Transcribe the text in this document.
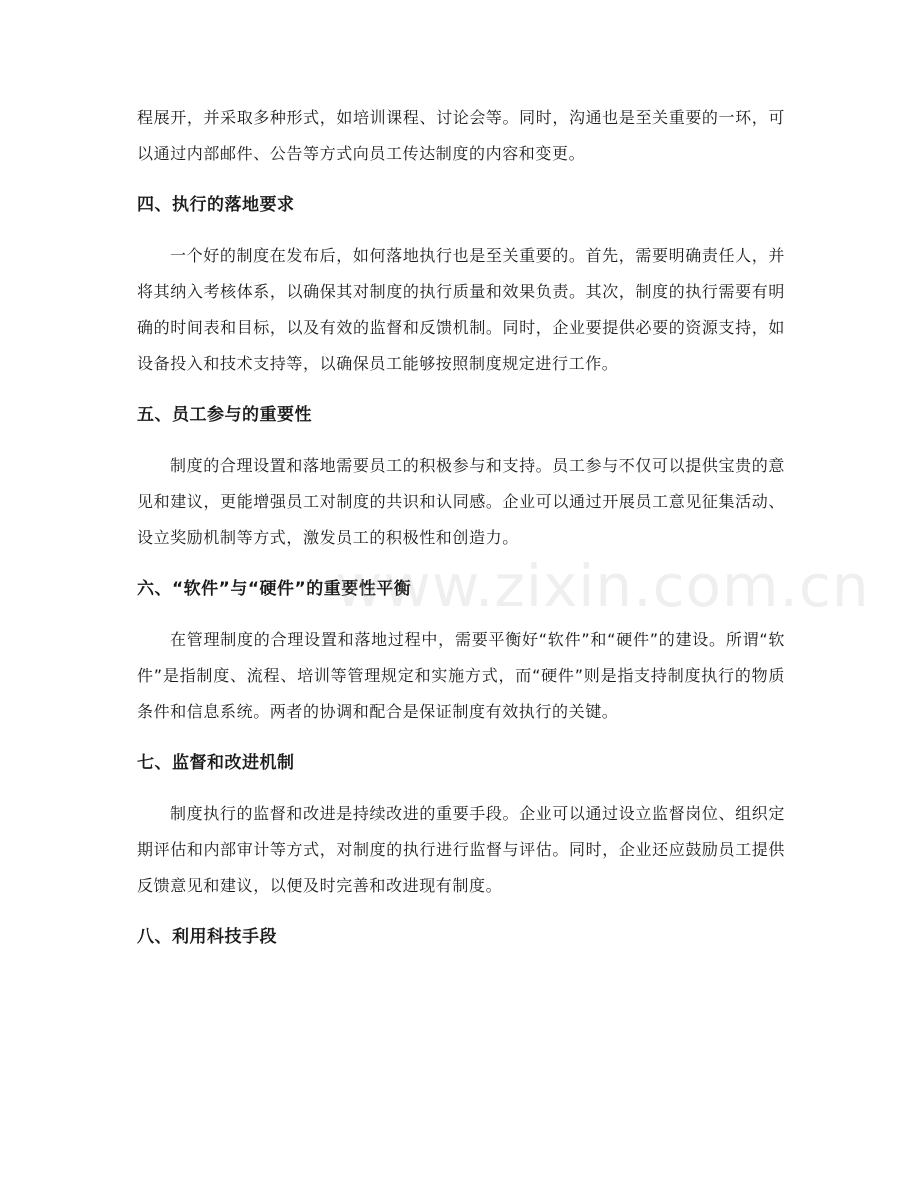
程展开，并采取多种形式，如培训课程、讨论会等。同时，沟通也是至关重要的一环，可以通过内部邮件、公告等方式向员工传达制度的内容和变更。

四、执行的落地要求

一个好的制度在发布后，如何落地执行也是至关重要的。首先，需要明确责任人，并将其纳入考核体系，以确保其对制度的执行质量和效果负责。其次，制度的执行需要有明确的时间表和目标，以及有效的监督和反馈机制。同时，企业要提供必要的资源支持，如设备投入和技术支持等，以确保员工能够按照制度规定进行工作。

五、员工参与的重要性

制度的合理设置和落地需要员工的积极参与和支持。员工参与不仅可以提供宝贵的意见和建议，更能增强员工对制度的共识和认同感。企业可以通过开展员工意见征集活动、设立奖励机制等方式，激发员工的积极性和创造力。

六、“软件”与“硬件”的重要性平衡

在管理制度的合理设置和落地过程中，需要平衡好“软件”和“硬件”的建设。所谓“软件”是指制度、流程、培训等管理规定和实施方式，而“硬件”则是指支持制度执行的物质条件和信息系统。两者的协调和配合是保证制度有效执行的关键。

七、监督和改进机制

制度执行的监督和改进是持续改进的重要手段。企业可以通过设立监督岗位、组织定期评估和内部审计等方式，对制度的执行进行监督与评估。同时，企业还应鼓励员工提供反馈意见和建议，以便及时完善和改进现有制度。

八、利用科技手段
www.zixin.com.cn
